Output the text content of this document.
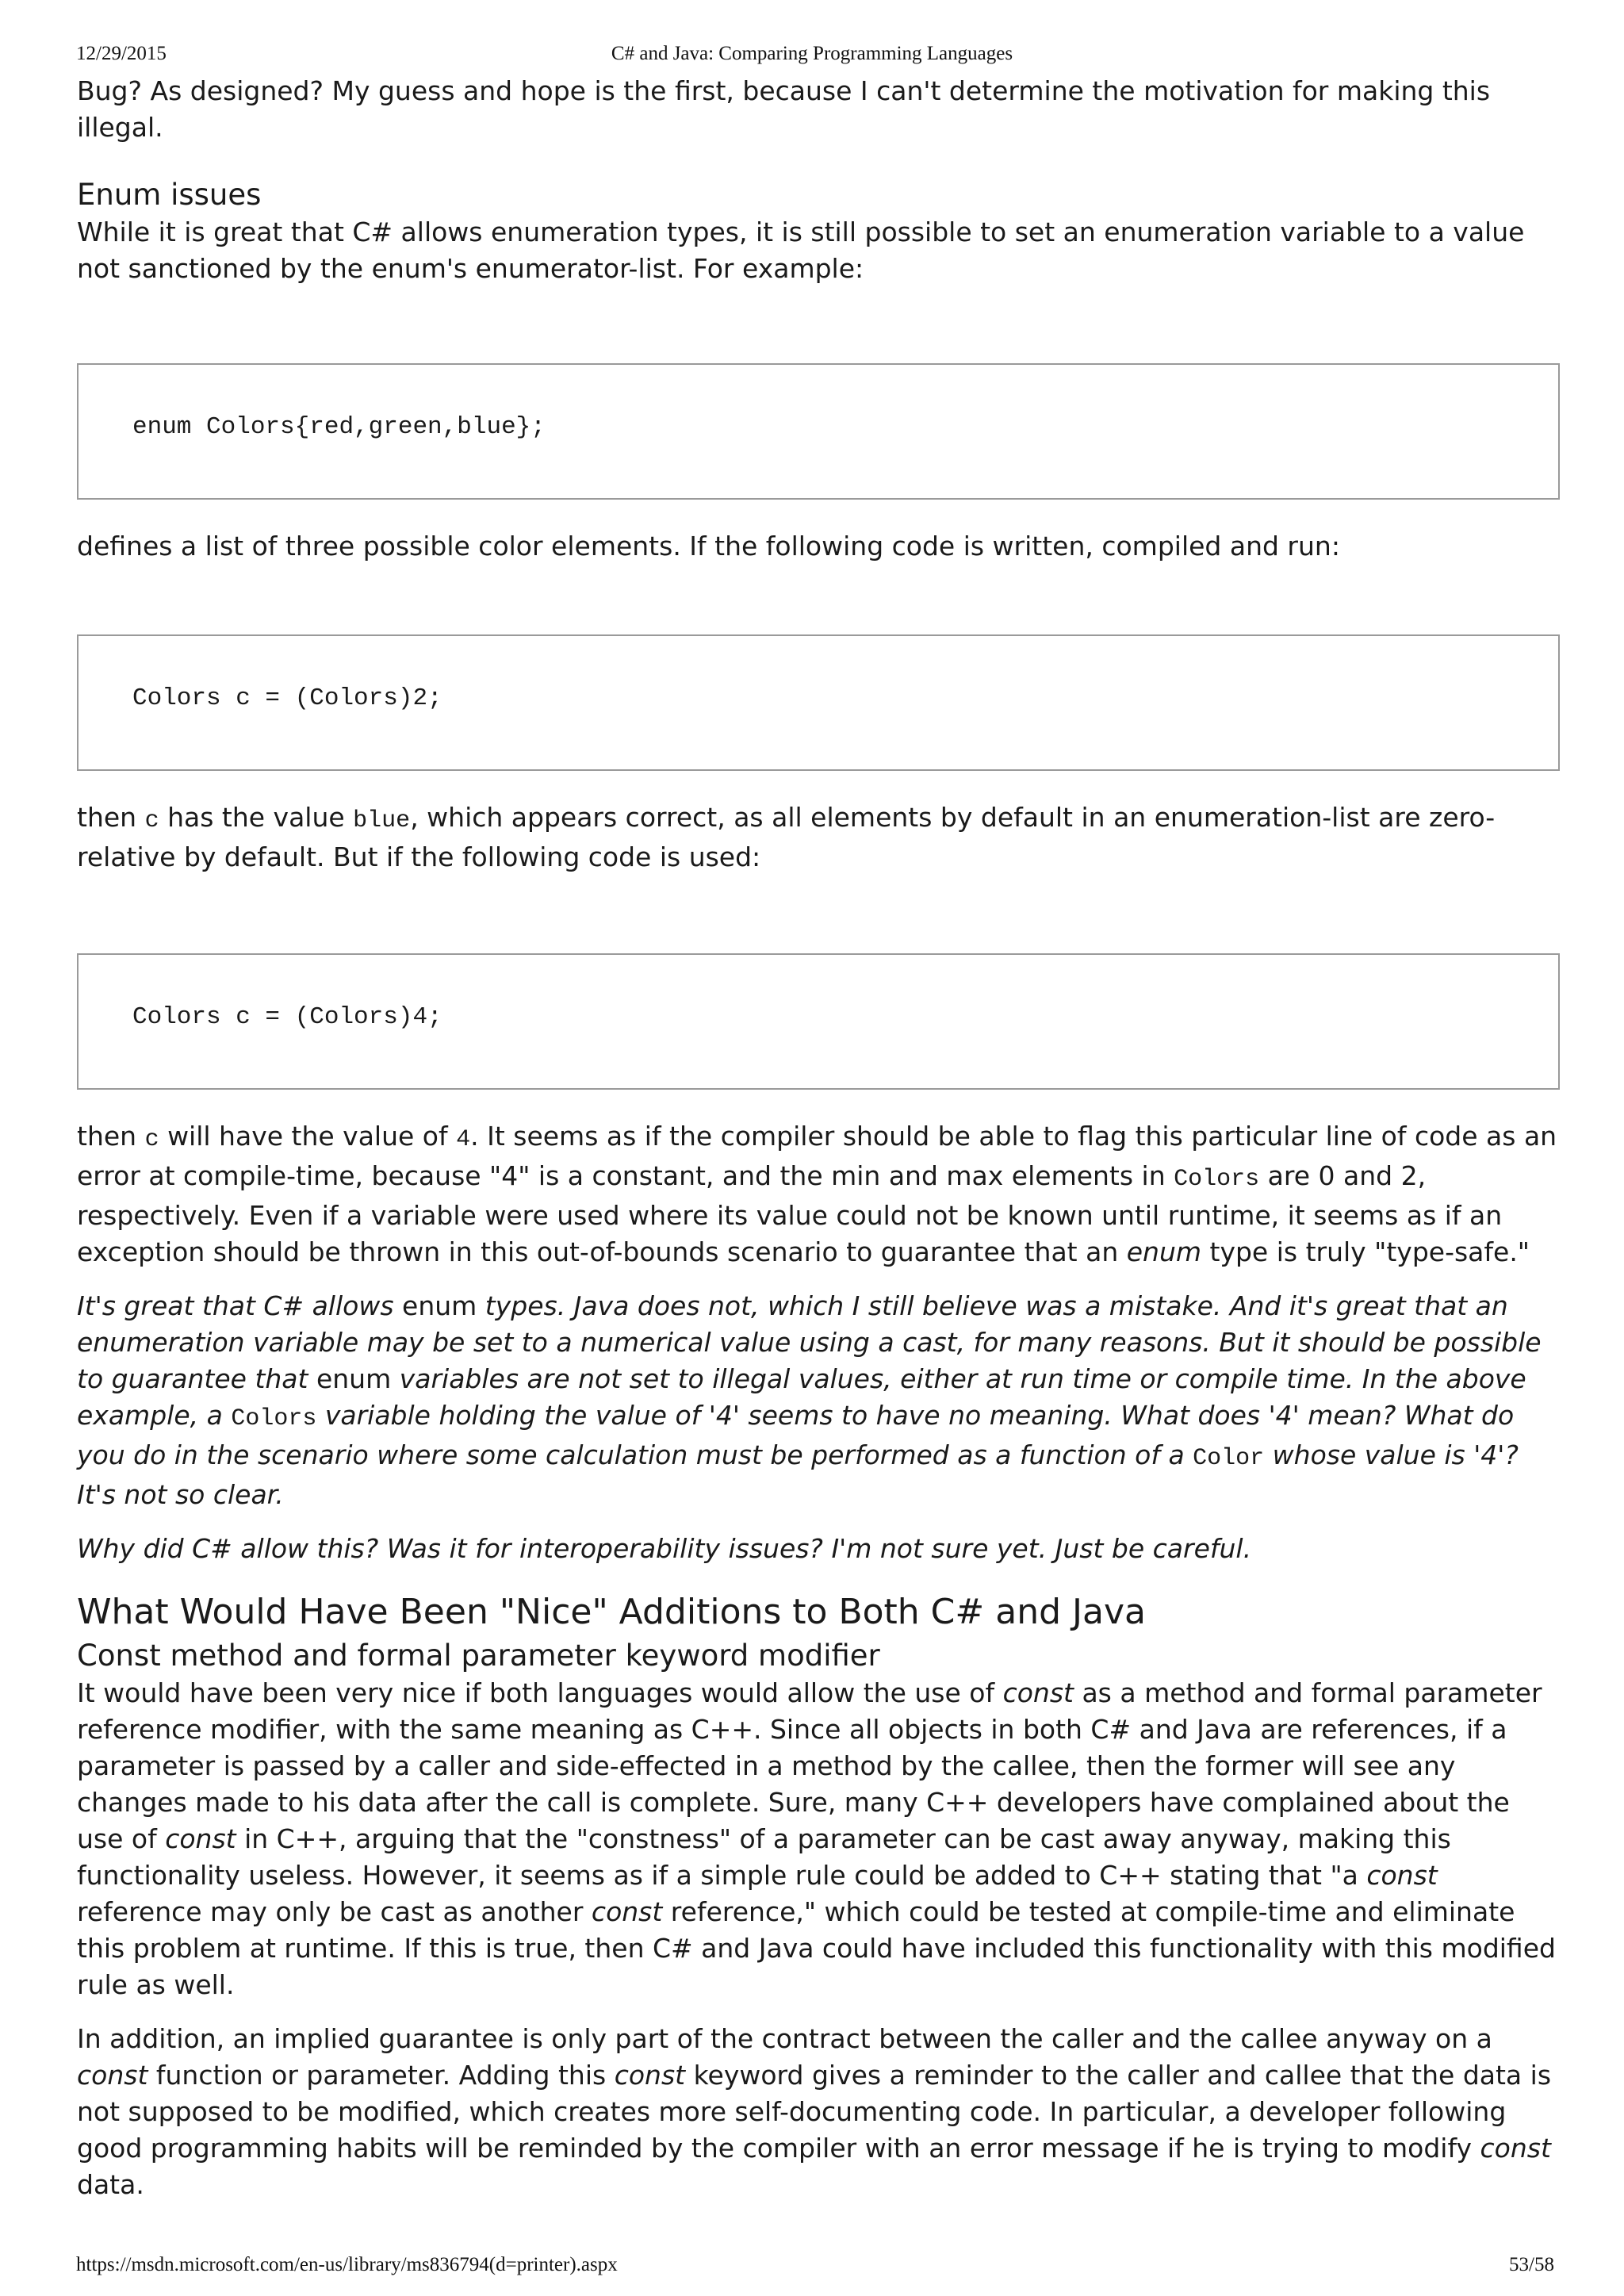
12/29/2015	C# and Java: Comparing Programming Languages

Bug? As designed? My guess and hope is the first, because I can't determine the motivation for making this illegal.

Enum issues

While it is great that C# allows enumeration types, it is still possible to set an enumeration variable to a value not sanctioned by the enum's enumerator-list. For example:

enum Colors{red,green,blue};

defines a list of three possible color elements. If the following code is written, compiled and run:

Colors c = (Colors)2;

then c has the value blue, which appears correct, as all elements by default in an enumeration-list are zero-relative by default. But if the following code is used:

Colors c = (Colors)4;

then c will have the value of 4. It seems as if the compiler should be able to flag this particular line of code as an error at compile-time, because "4" is a constant, and the min and max elements in Colors are 0 and 2, respectively. Even if a variable were used where its value could not be known until runtime, it seems as if an exception should be thrown in this out-of-bounds scenario to guarantee that an enum type is truly "type-safe."

It's great that C# allows enum types. Java does not, which I still believe was a mistake. And it's great that an enumeration variable may be set to a numerical value using a cast, for many reasons. But it should be possible to guarantee that enum variables are not set to illegal values, either at run time or compile time. In the above example, a Colors variable holding the value of '4' seems to have no meaning. What does '4' mean? What do you do in the scenario where some calculation must be performed as a function of a Color whose value is '4'? It's not so clear.

Why did C# allow this? Was it for interoperability issues? I'm not sure yet. Just be careful.

What Would Have Been "Nice" Additions to Both C# and Java
Const method and formal parameter keyword modifier

It would have been very nice if both languages would allow the use of const as a method and formal parameter reference modifier, with the same meaning as C++. Since all objects in both C# and Java are references, if a parameter is passed by a caller and side-effected in a method by the callee, then the former will see any changes made to his data after the call is complete. Sure, many C++ developers have complained about the use of const in C++, arguing that the "constness" of a parameter can be cast away anyway, making this functionality useless. However, it seems as if a simple rule could be added to C++ stating that "a const reference may only be cast as another const reference," which could be tested at compile-time and eliminate this problem at runtime. If this is true, then C# and Java could have included this functionality with this modified rule as well.

In addition, an implied guarantee is only part of the contract between the caller and the callee anyway on a const function or parameter. Adding this const keyword gives a reminder to the caller and callee that the data is not supposed to be modified, which creates more self-documenting code. In particular, a developer following good programming habits will be reminded by the compiler with an error message if he is trying to modify const data.

https://msdn.microsoft.com/en-us/library/ms836794(d=printer).aspx	53/58
